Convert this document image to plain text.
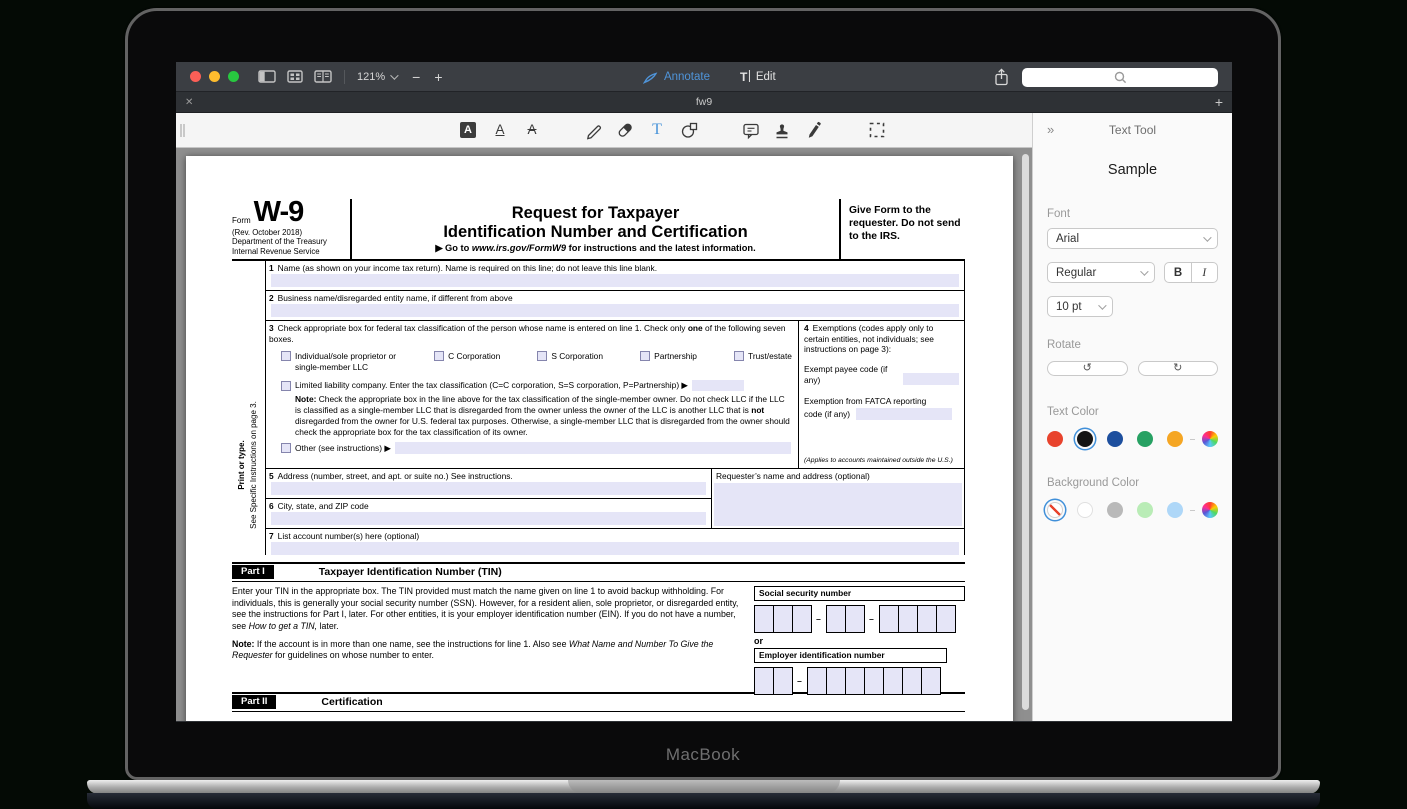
121% − +	Annotate	T Edit
✕	fw9	+
A A A	T
Form W-9
(Rev. October 2018)
Department of the Treasury
Internal Revenue Service
Request for Taxpayer
Identification Number and Certification
▶ Go to www.irs.gov/FormW9 for instructions and the latest information.
Give Form to the requester. Do not send to the IRS.
Print or type. See Specific Instructions on page 3.
1 Name (as shown on your income tax return). Name is required on this line; do not leave this line blank.
2 Business name/disregarded entity name, if different from above
3 Check appropriate box for federal tax classification of the person whose name is entered on line 1. Check only one of the following seven boxes.
Individual/sole proprietor or single-member LLC
C Corporation	S Corporation	Partnership	Trust/estate
Limited liability company. Enter the tax classification (C=C corporation, S=S corporation, P=Partnership) ▶
Note: Check the appropriate box in the line above for the tax classification of the single-member owner. Do not check LLC if the LLC is classified as a single-member LLC that is disregarded from the owner unless the owner of the LLC is another LLC that is not disregarded from the owner for U.S. federal tax purposes. Otherwise, a single-member LLC that is disregarded from the owner should check the appropriate box for the tax classification of its owner.
Other (see instructions) ▶
4 Exemptions (codes apply only to certain entities, not individuals; see instructions on page 3):
Exempt payee code (if any)
Exemption from FATCA reporting
code (if any)
(Applies to accounts maintained outside the U.S.)
5 Address (number, street, and apt. or suite no.) See instructions.
6 City, state, and ZIP code
Requester’s name and address (optional)
7 List account number(s) here (optional)
Part I	Taxpayer Identification Number (TIN)

Enter your TIN in the appropriate box. The TIN provided must match the name given on line 1 to avoid backup withholding. For individuals, this is generally your social security number (SSN). However, for a resident alien, sole proprietor, or disregarded entity, see the instructions for Part I, later. For other entities, it is your employer identification number (EIN). If you do not have a number, see How to get a TIN, later.

Note: If the account is in more than one name, see the instructions for line 1. Also see What Name and Number To Give the Requester for guidelines on whose number to enter.

Social security number
–	–
or
Employer identification number
–
Part II	Certification
»	Text Tool
Sample
Font
Arial
Regular	B	I
10 pt
Rotate
↺	↻
Text Color
Background Color
MacBook
